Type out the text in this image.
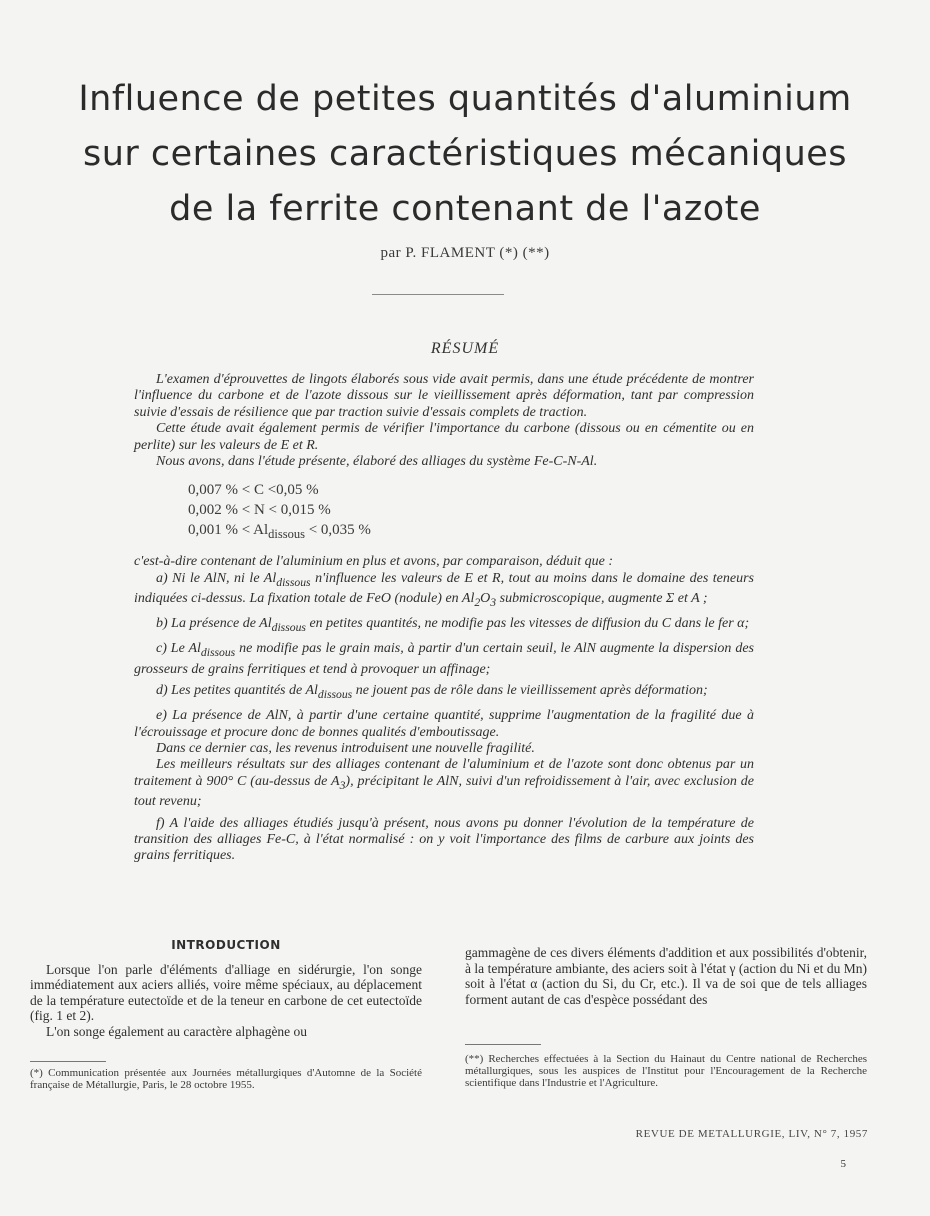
Influence de petites quantités d'aluminium
sur certaines caractéristiques mécaniques
de la ferrite contenant de l'azote
par P. FLAMENT (*) (**)
RÉSUMÉ

L'examen d'éprouvettes de lingots élaborés sous vide avait permis, dans une étude précédente de montrer l'influence du carbone et de l'azote dissous sur le vieillissement après déformation, tant par compression suivie d'essais de résilience que par traction suivie d'essais complets de traction.

Cette étude avait également permis de vérifier l'importance du carbone (dissous ou en cémentite ou en perlite) sur les valeurs de E et R.

Nous avons, dans l'étude présente, élaboré des alliages du système Fe-C-N-Al.

0,007 % < C <0,05 %
0,002 % < N < 0,015 %
0,001 % < $Al_{dissous} < 0,035$ %

c'est-à-dire contenant de l'aluminium en plus et avons, par comparaison, déduit que :

a) Ni le AlN, ni le $Al_{dissous}$ n'influence les valeurs de E et R, tout au moins dans le domaine des teneurs indiquées ci-dessus. La fixation totale de FeO (nodule) en $Al_2O_3$ submicroscopique, augmente Σ et A ;

b) La présence de $Al_{dissous}$ en petites quantités, ne modifie pas les vitesses de diffusion du C dans le fer α;

c) Le $Al_{dissous}$ ne modifie pas le grain mais, à partir d'un certain seuil, le AlN augmente la dispersion des grosseurs de grains ferritiques et tend à provoquer un affinage;

d) Les petites quantités de $Al_{dissous}$ ne jouent pas de rôle dans le vieillissement après déformation;

e) La présence de AlN, à partir d'une certaine quantité, supprime l'augmentation de la fragilité due à l'écrouissage et procure donc de bonnes qualités d'emboutissage.

Dans ce dernier cas, les revenus introduisent une nouvelle fragilité.

Les meilleurs résultats sur des alliages contenant de l'aluminium et de l'azote sont donc obtenus par un traitement à 900° C (au-dessus de $A_3$), précipitant le AlN, suivi d'un refroidissement à l'air, avec exclusion de tout revenu;

f) A l'aide des alliages étudiés jusqu'à présent, nous avons pu donner l'évolution de la température de transition des alliages Fe-C, à l'état normalisé : on y voit l'importance des films de carbure aux joints des grains ferritiques.

INTRODUCTION

Lorsque l'on parle d'éléments d'alliage en sidérurgie, l'on songe immédiatement aux aciers alliés, voire même spéciaux, au déplacement de la température eutectoïde et de la teneur en carbone de cet eutectoïde (fig. 1 et 2).

L'on songe également au caractère alphagène ou

gammagène de ces divers éléments d'addition et aux possibilités d'obtenir, à la température ambiante, des aciers soit à l'état γ (action du Ni et du Mn) soit à l'état α (action du Si, du Cr, etc.). Il va de soi que de tels alliages forment autant de cas d'espèce possédant des

(*) Communication présentée aux Journées métallurgiques d'Automne de la Société française de Métallurgie, Paris, le 28 octobre 1955.
(**) Recherches effectuées à la Section du Hainaut du Centre national de Recherches métallurgiques, sous les auspices de l'Institut pour l'Encouragement de la Recherche scientifique dans l'Industrie et l'Agriculture.
REVUE DE METALLURGIE, LIV, N° 7, 1957
5
